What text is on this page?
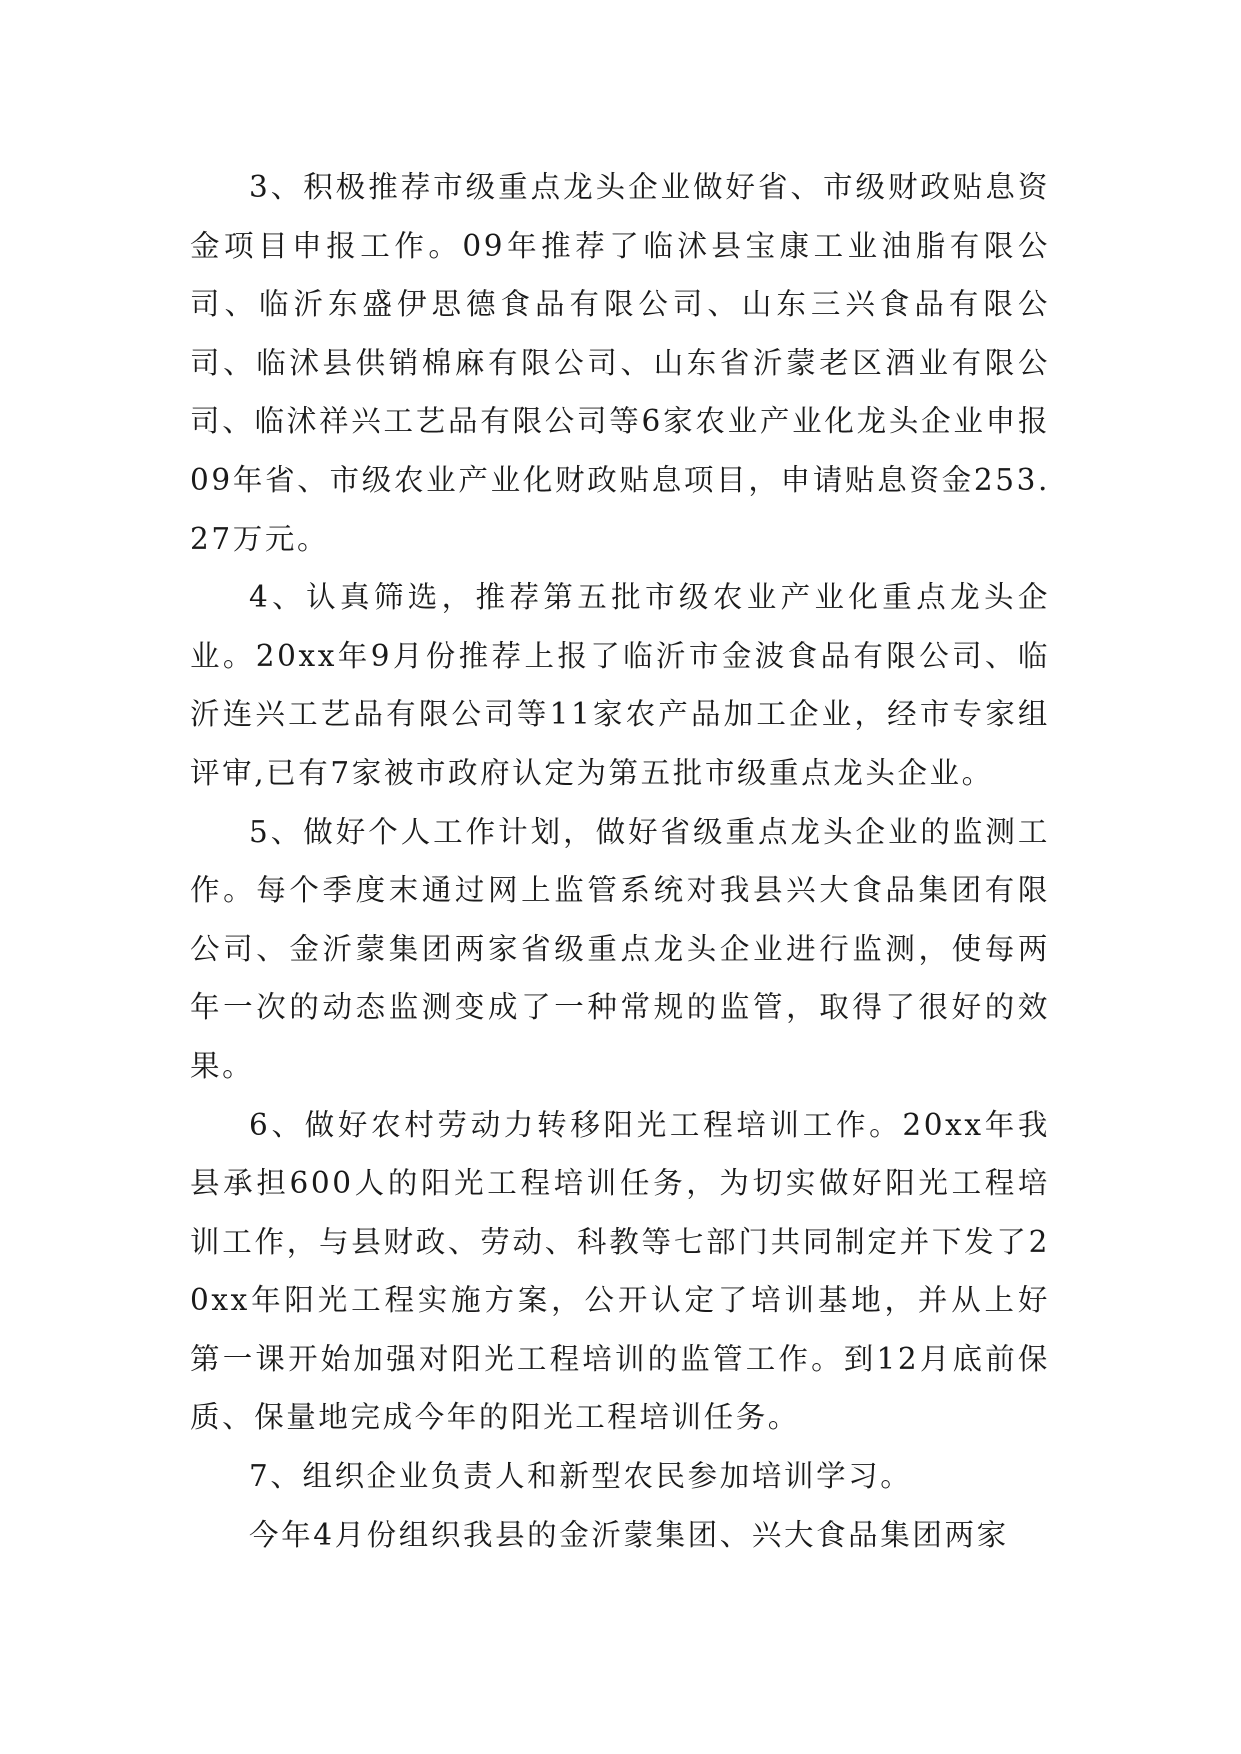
3、积极推荐市级重点龙头企业做好省、市级财政贴息资金项目申报工作。09年推荐了临沭县宝康工业油脂有限公司、临沂东盛伊思德食品有限公司、山东三兴食品有限公司、临沭县供销棉麻有限公司、山东省沂蒙老区酒业有限公司、临沭祥兴工艺品有限公司等6家农业产业化龙头企业申报09年省、市级农业产业化财政贴息项目，申请贴息资金253.27万元。

4、认真筛选，推荐第五批市级农业产业化重点龙头企业。20xx年9月份推荐上报了临沂市金波食品有限公司、临沂连兴工艺品有限公司等11家农产品加工企业，经市专家组评审,已有7家被市政府认定为第五批市级重点龙头企业。

5、做好个人工作计划，做好省级重点龙头企业的监测工作。每个季度末通过网上监管系统对我县兴大食品集团有限公司、金沂蒙集团两家省级重点龙头企业进行监测，使每两年一次的动态监测变成了一种常规的监管，取得了很好的效果。

6、做好农村劳动力转移阳光工程培训工作。20xx年我县承担600人的阳光工程培训任务，为切实做好阳光工程培训工作，与县财政、劳动、科教等七部门共同制定并下发了20xx年阳光工程实施方案，公开认定了培训基地，并从上好第一课开始加强对阳光工程培训的监管工作。到12月底前保质、保量地完成今年的阳光工程培训任务。

7、组织企业负责人和新型农民参加培训学习。

今年4月份组织我县的金沂蒙集团、兴大食品集团两家
